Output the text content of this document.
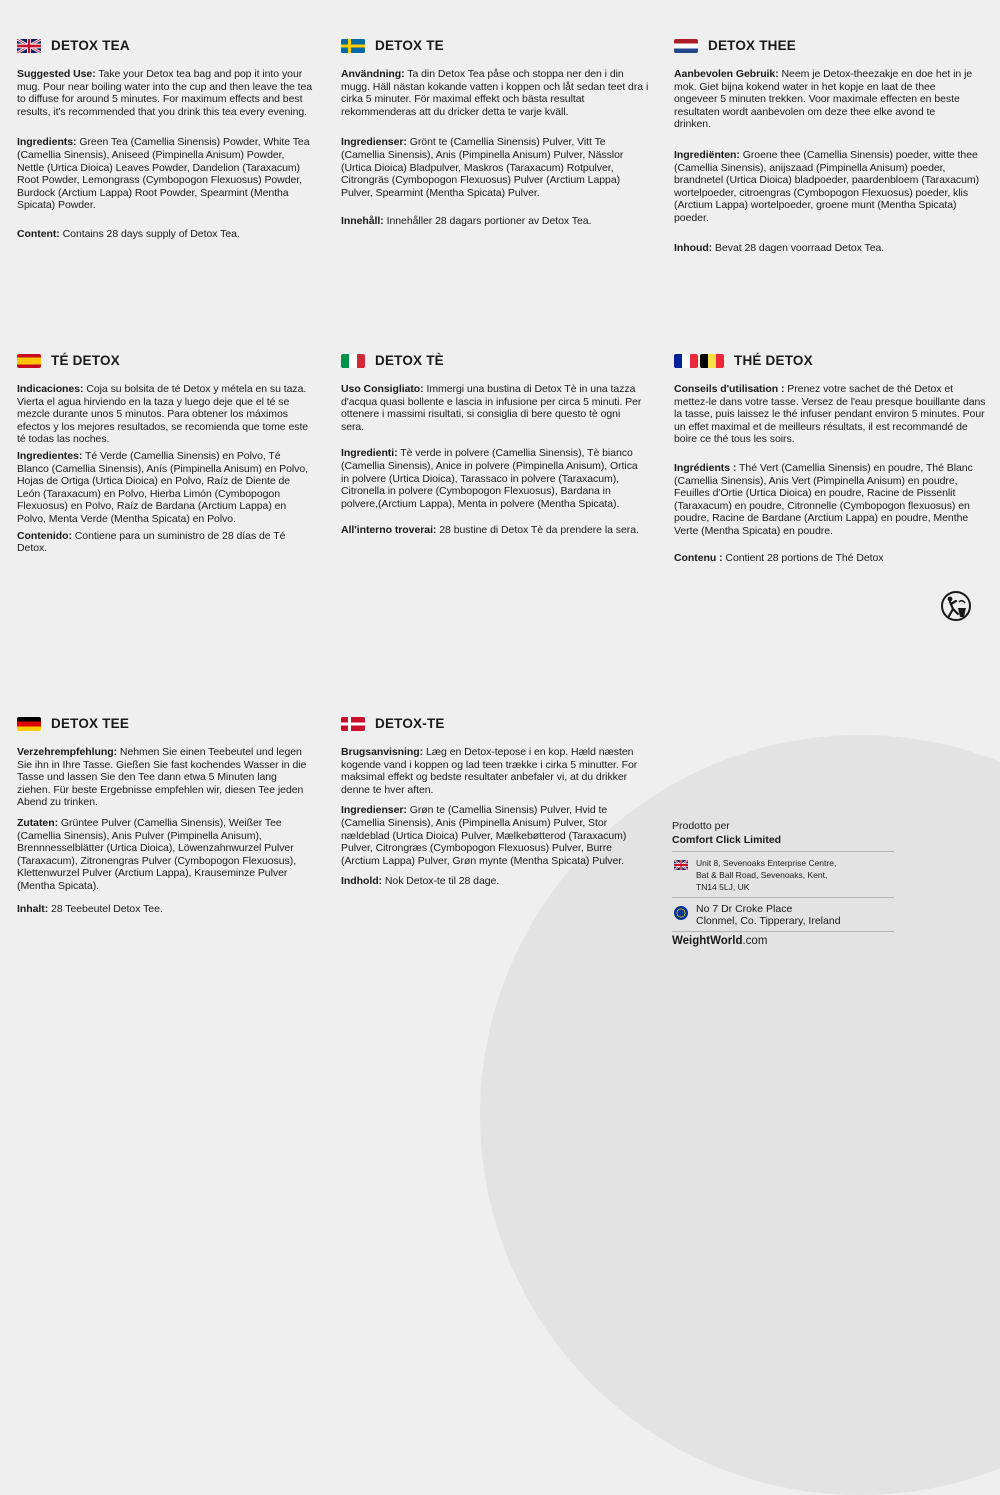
DETOX TEA

Suggested Use: Take your Detox tea bag and pop it into your mug. Pour near boiling water into the cup and then leave the tea to diffuse for around 5 minutes. For maximum effects and best results, it's recommended that you drink this tea every evening.

Ingredients: Green Tea (Camellia Sinensis) Powder, White Tea (Camellia Sinensis), Aniseed (Pimpinella Anisum) Powder, Nettle (Urtica Dioica) Leaves Powder, Dandelion (Taraxacum) Root Powder, Lemongrass (Cymbopogon Flexuosus) Powder, Burdock (Arctium Lappa) Root Powder, Spearmint (Mentha Spicata) Powder.

Content: Contains 28 days supply of Detox Tea.

DETOX TE

Användning: Ta din Detox Tea påse och stoppa ner den i din mugg. Häll nästan kokande vatten i koppen och låt sedan teet dra i cirka 5 minuter. För maximal effekt och bästa resultat rekommenderas att du dricker detta te varje kväll.

Ingredienser: Grönt te (Camellia Sinensis) Pulver, Vitt Te (Camellia Sinensis), Anis (Pimpinella Anisum) Pulver, Nässlor (Urtica Dioica) Bladpulver, Maskros (Taraxacum) Rotpulver, Citrongräs (Cymbopogon Flexuosus) Pulver (Arctium Lappa) Pulver, Spearmint (Mentha Spicata) Pulver.

Innehåll: Innehåller 28 dagars portioner av Detox Tea.

DETOX THEE

Aanbevolen Gebruik: Neem je Detox-theezakje en doe het in je mok. Giet bijna kokend water in het kopje en laat de thee ongeveer 5 minuten trekken. Voor maximale effecten en beste resultaten wordt aanbevolen om deze thee elke avond te drinken.

Ingrediënten: Groene thee (Camellia Sinensis) poeder, witte thee (Camellia Sinensis), anijszaad (Pimpinella Anisum) poeder, brandnetel (Urtica Dioica) bladpoeder, paardenbloem (Taraxacum) wortelpoeder, citroengras (Cymbopogon Flexuosus) poeder, klis (Arctium Lappa) wortelpoeder, groene munt (Mentha Spicata) poeder.

Inhoud: Bevat 28 dagen voorraad Detox Tea.

TÉ DETOX

Indicaciones: Coja su bolsita de té Detox y métela en su taza. Vierta el agua hirviendo en la taza y luego deje que el té se mezcle durante unos 5 minutos. Para obtener los máximos efectos y los mejores resultados, se recomienda que tome este té todas las noches.

Ingredientes: Té Verde (Camellia Sinensis) en Polvo, Té Blanco (Camellia Sinensis), Anís (Pimpinella Anisum) en Polvo, Hojas de Ortiga (Urtica Dioica) en Polvo, Raíz de Diente de León (Taraxacum) en Polvo, Hierba Limón (Cymbopogon Flexuosus) en Polvo, Raíz de Bardana (Arctium Lappa) en Polvo, Menta Verde (Mentha Spicata) en Polvo.

Contenido: Contiene para un suministro de 28 días de Té Detox.

DETOX TÈ

Uso Consigliato: Immergi una bustina di Detox Tè in una tazza d'acqua quasi bollente e lascia in infusione per circa 5 minuti. Per ottenere i massimi risultati, si consiglia di bere questo tè ogni sera.

Ingredienti: Tè verde in polvere (Camellia Sinensis), Tè bianco (Camellia Sinensis), Anice in polvere (Pimpinella Anisum), Ortica in polvere (Urtica Dioica), Tarassaco in polvere (Taraxacum), Citronella in polvere (Cymbopogon Flexuosus), Bardana in polvere,(Arctium Lappa), Menta in polvere (Mentha Spicata).

All'interno troverai: 28 bustine di Detox Tè da prendere la sera.

THÉ DETOX

Conseils d'utilisation : Prenez votre sachet de thé Detox et mettez-le dans votre tasse. Versez de l'eau presque bouillante dans la tasse, puis laissez le thé infuser pendant environ 5 minutes. Pour un effet maximal et de meilleurs résultats, il est recommandé de boire ce thé tous les soirs.

Ingrédients : Thé Vert (Camellia Sinensis) en poudre, Thé Blanc (Camellia Sinensis), Anis Vert (Pimpinella Anisum) en poudre, Feuilles d'Ortie (Urtica Dioica) en poudre, Racine de Pissenlit (Taraxacum) en poudre, Citronnelle (Cymbopogon flexuosus) en poudre, Racine de Bardane (Arctium Lappa) en poudre, Menthe Verte (Mentha Spicata) en poudre.

Contenu : Contient 28 portions de Thé Detox

DETOX TEE

Verzehrempfehlung: Nehmen Sie einen Teebeutel und legen Sie ihn in Ihre Tasse. Gießen Sie fast kochendes Wasser in die Tasse und lassen Sie den Tee dann etwa 5 Minuten lang ziehen. Für beste Ergebnisse empfehlen wir, diesen Tee jeden Abend zu trinken.

Zutaten: Grüntee Pulver (Camellia Sinensis), Weißer Tee (Camellia Sinensis), Anis Pulver (Pimpinella Anisum), Brennnesselblätter (Urtica Dioica), Löwenzahnwurzel Pulver (Taraxacum), Zitronengras Pulver (Cymbopogon Flexuosus), Klettenwurzel Pulver (Arctium Lappa), Krauseminze Pulver (Mentha Spicata).

Inhalt: 28 Teebeutel Detox Tee.

DETOX-TE

Brugsanvisning: Læg en Detox-tepose i en kop. Hæld næsten kogende vand i koppen og lad teen trække i cirka 5 minutter. For maksimal effekt og bedste resultater anbefaler vi, at du drikker denne te hver aften.

Ingredienser: Grøn te (Camellia Sinensis) Pulver, Hvid te (Camellia Sinensis), Anis (Pimpinella Anisum) Pulver, Stor nældeblad (Urtica Dioica) Pulver, Mælkebøtterod (Taraxacum) Pulver, Citrongræs (Cymbopogon Flexuosus) Pulver, Burre (Arctium Lappa) Pulver, Grøn mynte (Mentha Spicata) Pulver.

Indhold: Nok Detox-te til 28 dage.

Prodotto per
Comfort Click Limited
Unit 8, Sevenoaks Enterprise Centre,
Bat & Ball Road, Sevenoaks, Kent,
TN14 5LJ, UK
No 7 Dr Croke Place
Clonmel, Co. Tipperary, Ireland
WeightWorld.com
